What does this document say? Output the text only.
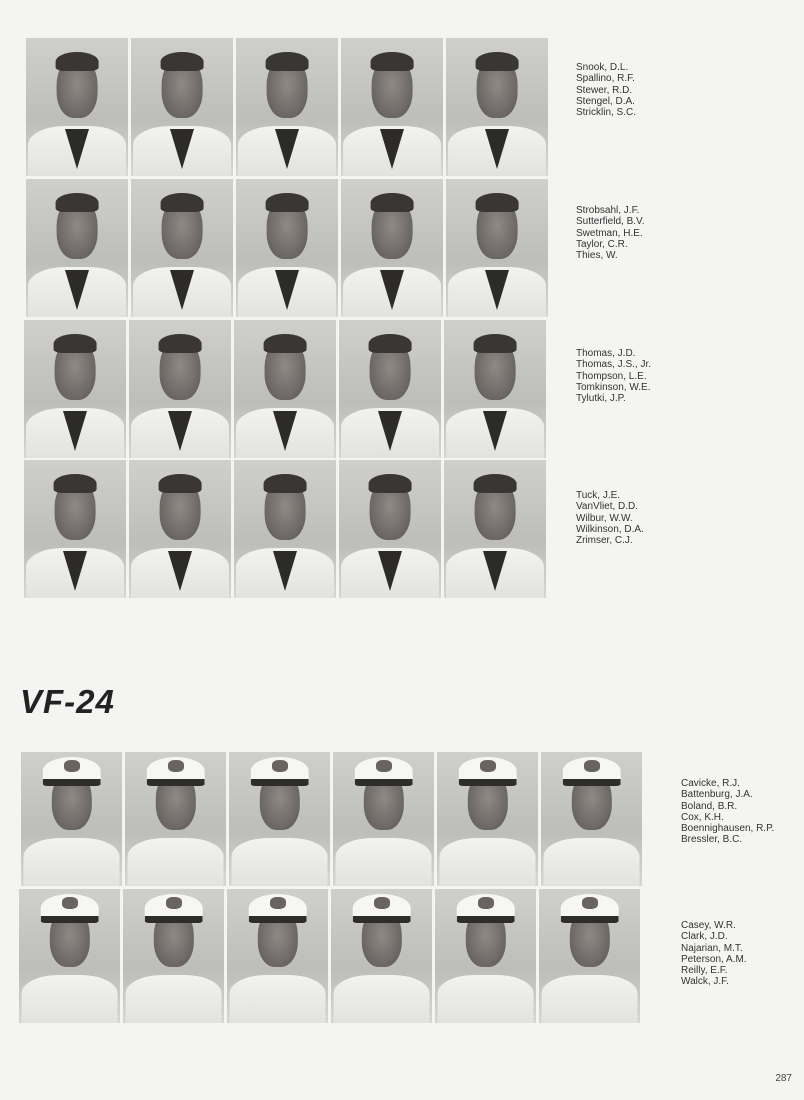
Snook, D.L.
Spallino, R.F.
Stewer, R.D.
Stengel, D.A.
Stricklin, S.C.
Strobsahl, J.F.
Sutterfield, B.V.
Swetman, H.E.
Taylor, C.R.
Thies, W.
Thomas, J.D.
Thomas, J.S., Jr.
Thompson, L.E.
Tomkinson, W.E.
Tylutki, J.P.
Tuck, J.E.
VanVliet, D.D.
Wilbur, W.W.
Wilkinson, D.A.
Zrimser, C.J.
VF-24
Cavicke, R.J.
Battenburg, J.A.
Boland, B.R.
Cox, K.H.
Boennighausen, R.P.
Bressler, B.C.
Casey, W.R.
Clark, J.D.
Najarian, M.T.
Peterson, A.M.
Reilly, E.F.
Walck, J.F.
287
